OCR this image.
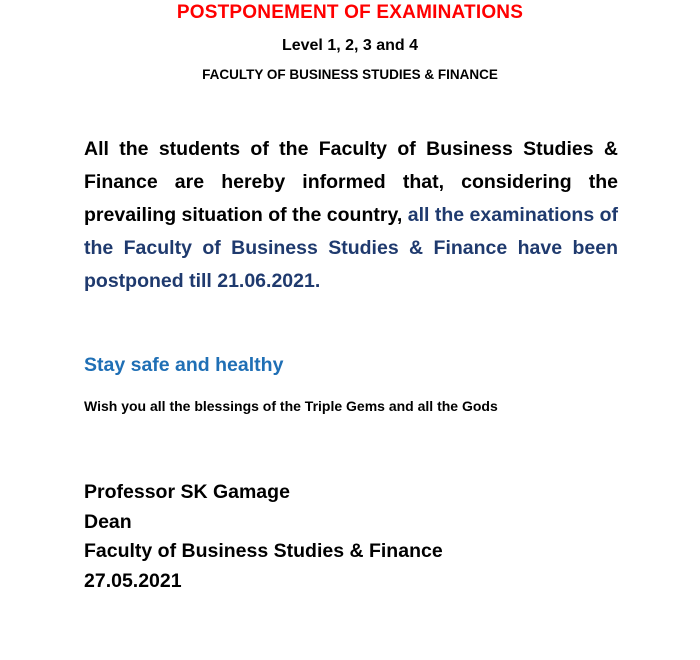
POSTPONEMENT OF EXAMINATIONS
Level 1, 2, 3 and 4
FACULTY OF BUSINESS STUDIES & FINANCE
All the students of the Faculty of Business Studies & Finance are hereby informed that, considering the prevailing situation of the country, all the examinations of the Faculty of Business Studies & Finance have been postponed till 21.06.2021.
Stay safe and healthy
Wish you all the blessings of the Triple Gems and all the Gods
Professor SK Gamage
Dean
Faculty of Business Studies & Finance
27.05.2021
